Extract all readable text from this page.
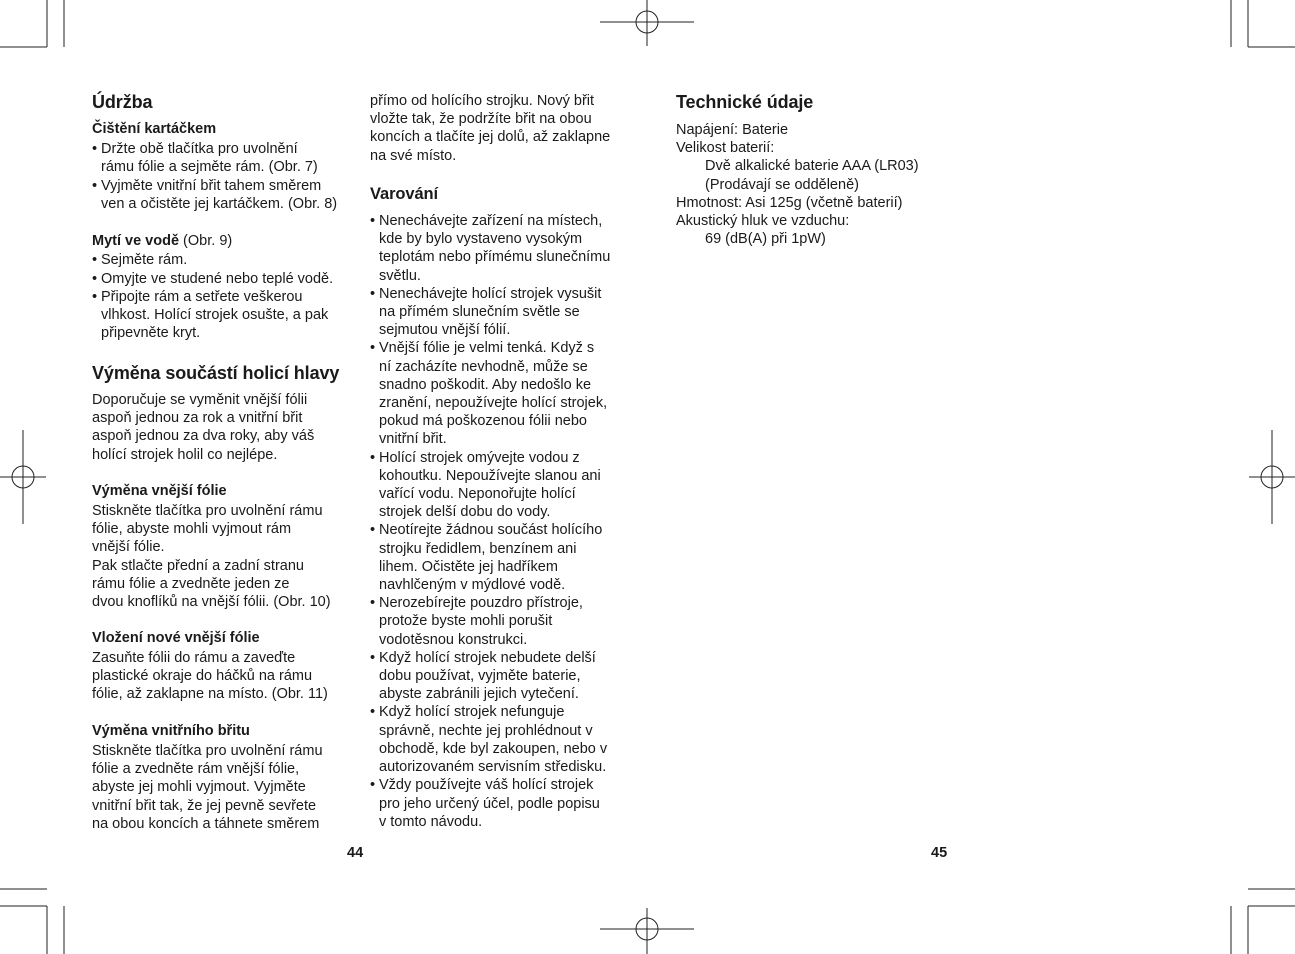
Údržba
Čištění kartáčkem
• Držte obě tlačítka pro uvolnění
rámu fólie a sejměte rám. (Obr. 7)
• Vyjměte vnitřní břit tahem směrem
ven a očistěte jej kartáčkem. (Obr. 8)
Mytí ve vodě (Obr. 9)
• Sejměte rám.
• Omyjte ve studené nebo teplé vodě.
• Připojte rám a setřete veškerou
vlhkost. Holící strojek osušte, a pak
připevněte kryt.
Výměna součástí holicí hlavy
Doporučuje se vyměnit vnější fólii
aspoň jednou za rok a vnitřní břit
aspoň jednou za dva roky, aby váš
holící strojek holil co nejlépe.
Výměna vnější fólie
Stiskněte tlačítka pro uvolnění rámu
fólie, abyste mohli vyjmout rám
vnější fólie.
Pak stlačte přední a zadní stranu
rámu fólie a zvedněte jeden ze
dvou knoflíků na vnější fólii. (Obr. 10)
Vložení nové vnější fólie
Zasuňte fólii do rámu a zaveďte
plastické okraje do háčků na rámu
fólie, až zaklapne na místo. (Obr. 11)
Výměna vnitřního břitu
Stiskněte tlačítka pro uvolnění rámu
fólie a zvedněte rám vnější fólie,
abyste jej mohli vyjmout. Vyjměte
vnitřní břit tak, že jej pevně sevřete
na obou koncích a táhnete směrem
přímo od holícího strojku. Nový břit
vložte tak, že podržíte břit na obou
koncích a tlačíte jej dolů, až zaklapne
na své místo.
Varování
• Nenechávejte zařízení na místech,
kde by bylo vystaveno vysokým
teplotám nebo přímému slunečnímu
světlu.
• Nenechávejte holící strojek vysušit
na přímém slunečním světle se
sejmutou vnější fólií.
• Vnější fólie je velmi tenká. Když s
ní zacházíte nevhodně, může se
snadno poškodit. Aby nedošlo ke
zranění, nepoužívejte holící strojek,
pokud má poškozenou fólii nebo
vnitřní břit.
• Holící strojek omývejte vodou z
kohoutku. Nepoužívejte slanou ani
vařící vodu. Neponořujte holící
strojek delší dobu do vody.
• Neotírejte žádnou součást holícího
strojku ředidlem, benzínem ani
lihem. Očistěte jej hadříkem
navhlčeným v mýdlové vodě.
• Nerozebírejte pouzdro přístroje,
protože byste mohli porušit
vodotěsnou konstrukci.
• Když holící strojek nebudete delší
dobu používat, vyjměte baterie,
abyste zabránili jejich vytečení.
• Když holící strojek nefunguje
správně, nechte jej prohlédnout v
obchodě, kde byl zakoupen, nebo v
autorizovaném servisním středisku.
• Vždy používejte váš holící strojek
pro jeho určený účel, podle popisu
v tomto návodu.
44
Technické údaje
Napájení: Baterie
Velikost baterií:
Dvě alkalické baterie AAA (LR03)
(Prodávají se odděleně)
Hmotnost: Asi 125g (včetně baterií)
Akustický hluk ve vzduchu:
69 (dB(A) při 1pW)
45
